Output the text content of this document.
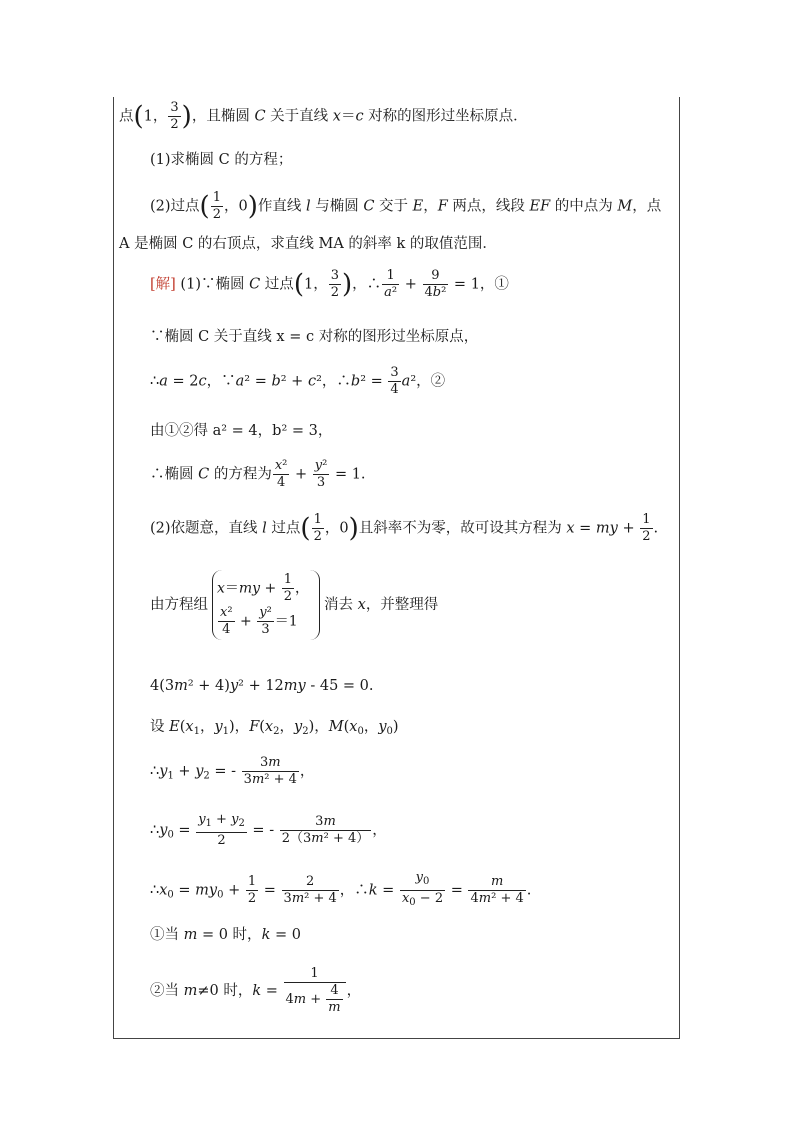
点(1， $\frac{3}{2}$ )，且椭圆 C 关于直线 x＝c 对称的图形过坐标原点．
(1)求椭圆 C 的方程；
(2)过点( $\frac{1}{2}$ ，0)作直线 l 与椭圆 C 交于 E，F 两点，线段 EF 的中点为 M，点
A 是椭圆 C 的右顶点，求直线 MA 的斜率 k 的取值范围．
[解] (1)∵椭圆 C 过点(1， $\frac{3}{2}$ )，∴ $\frac{1}{\text{a²}} + \frac{9}{\text{4b²}} = 1$，①
∵椭圆 C 关于直线 x = c 对称的图形过坐标原点，
∴a = 2c，∵a² = b² + c²，∴b² = $\frac{3}{4} a^2$，②
由①②得 a² = 4，b² = 3，
∴椭圆 C 的方程为 $\frac{\text{x²}}{4} + \frac{\text{y²}}{3} = 1$.
(2)依题意，直线 l 过点( $\frac{1}{2}$ ，0)且斜率不为零，故可设其方程为 x = my + $\frac{1}{2}$ .
由方程组
$x=my + \frac{1}{2}$ ，
$\frac{\text{x²}}{4} + \frac{\text{y²}}{3} =1$
消去 x，并整理得
4(3m² + 4)y² + 12my - 45 = 0.
设 $E(x_1$，$y_1$)，$F(x_2$，$y_2$)，$M(x_0$，$y_0$)
$\therefore y_1 + y_2$ = - $\frac{3m}{\text{3m² + 4}}$ ，
$\therefore y_0 = \frac{y_1 + y_2}{2}$ = - $\frac{3m}{\text{2（3m² + 4）}}$ ，
$\therefore x_0 = my_0 + \frac{1}{2} = \frac{2}{\text{3m² + 4}}$ ，∴k = $\frac{y_0}{x_0 - 2} = \frac{m}{\text{4m² + 4}}$ .
①当 m = 0 时，k = 0
②当 m≠0 时，$k = \frac{1}{4m + \frac{4}{m}}$ ，
